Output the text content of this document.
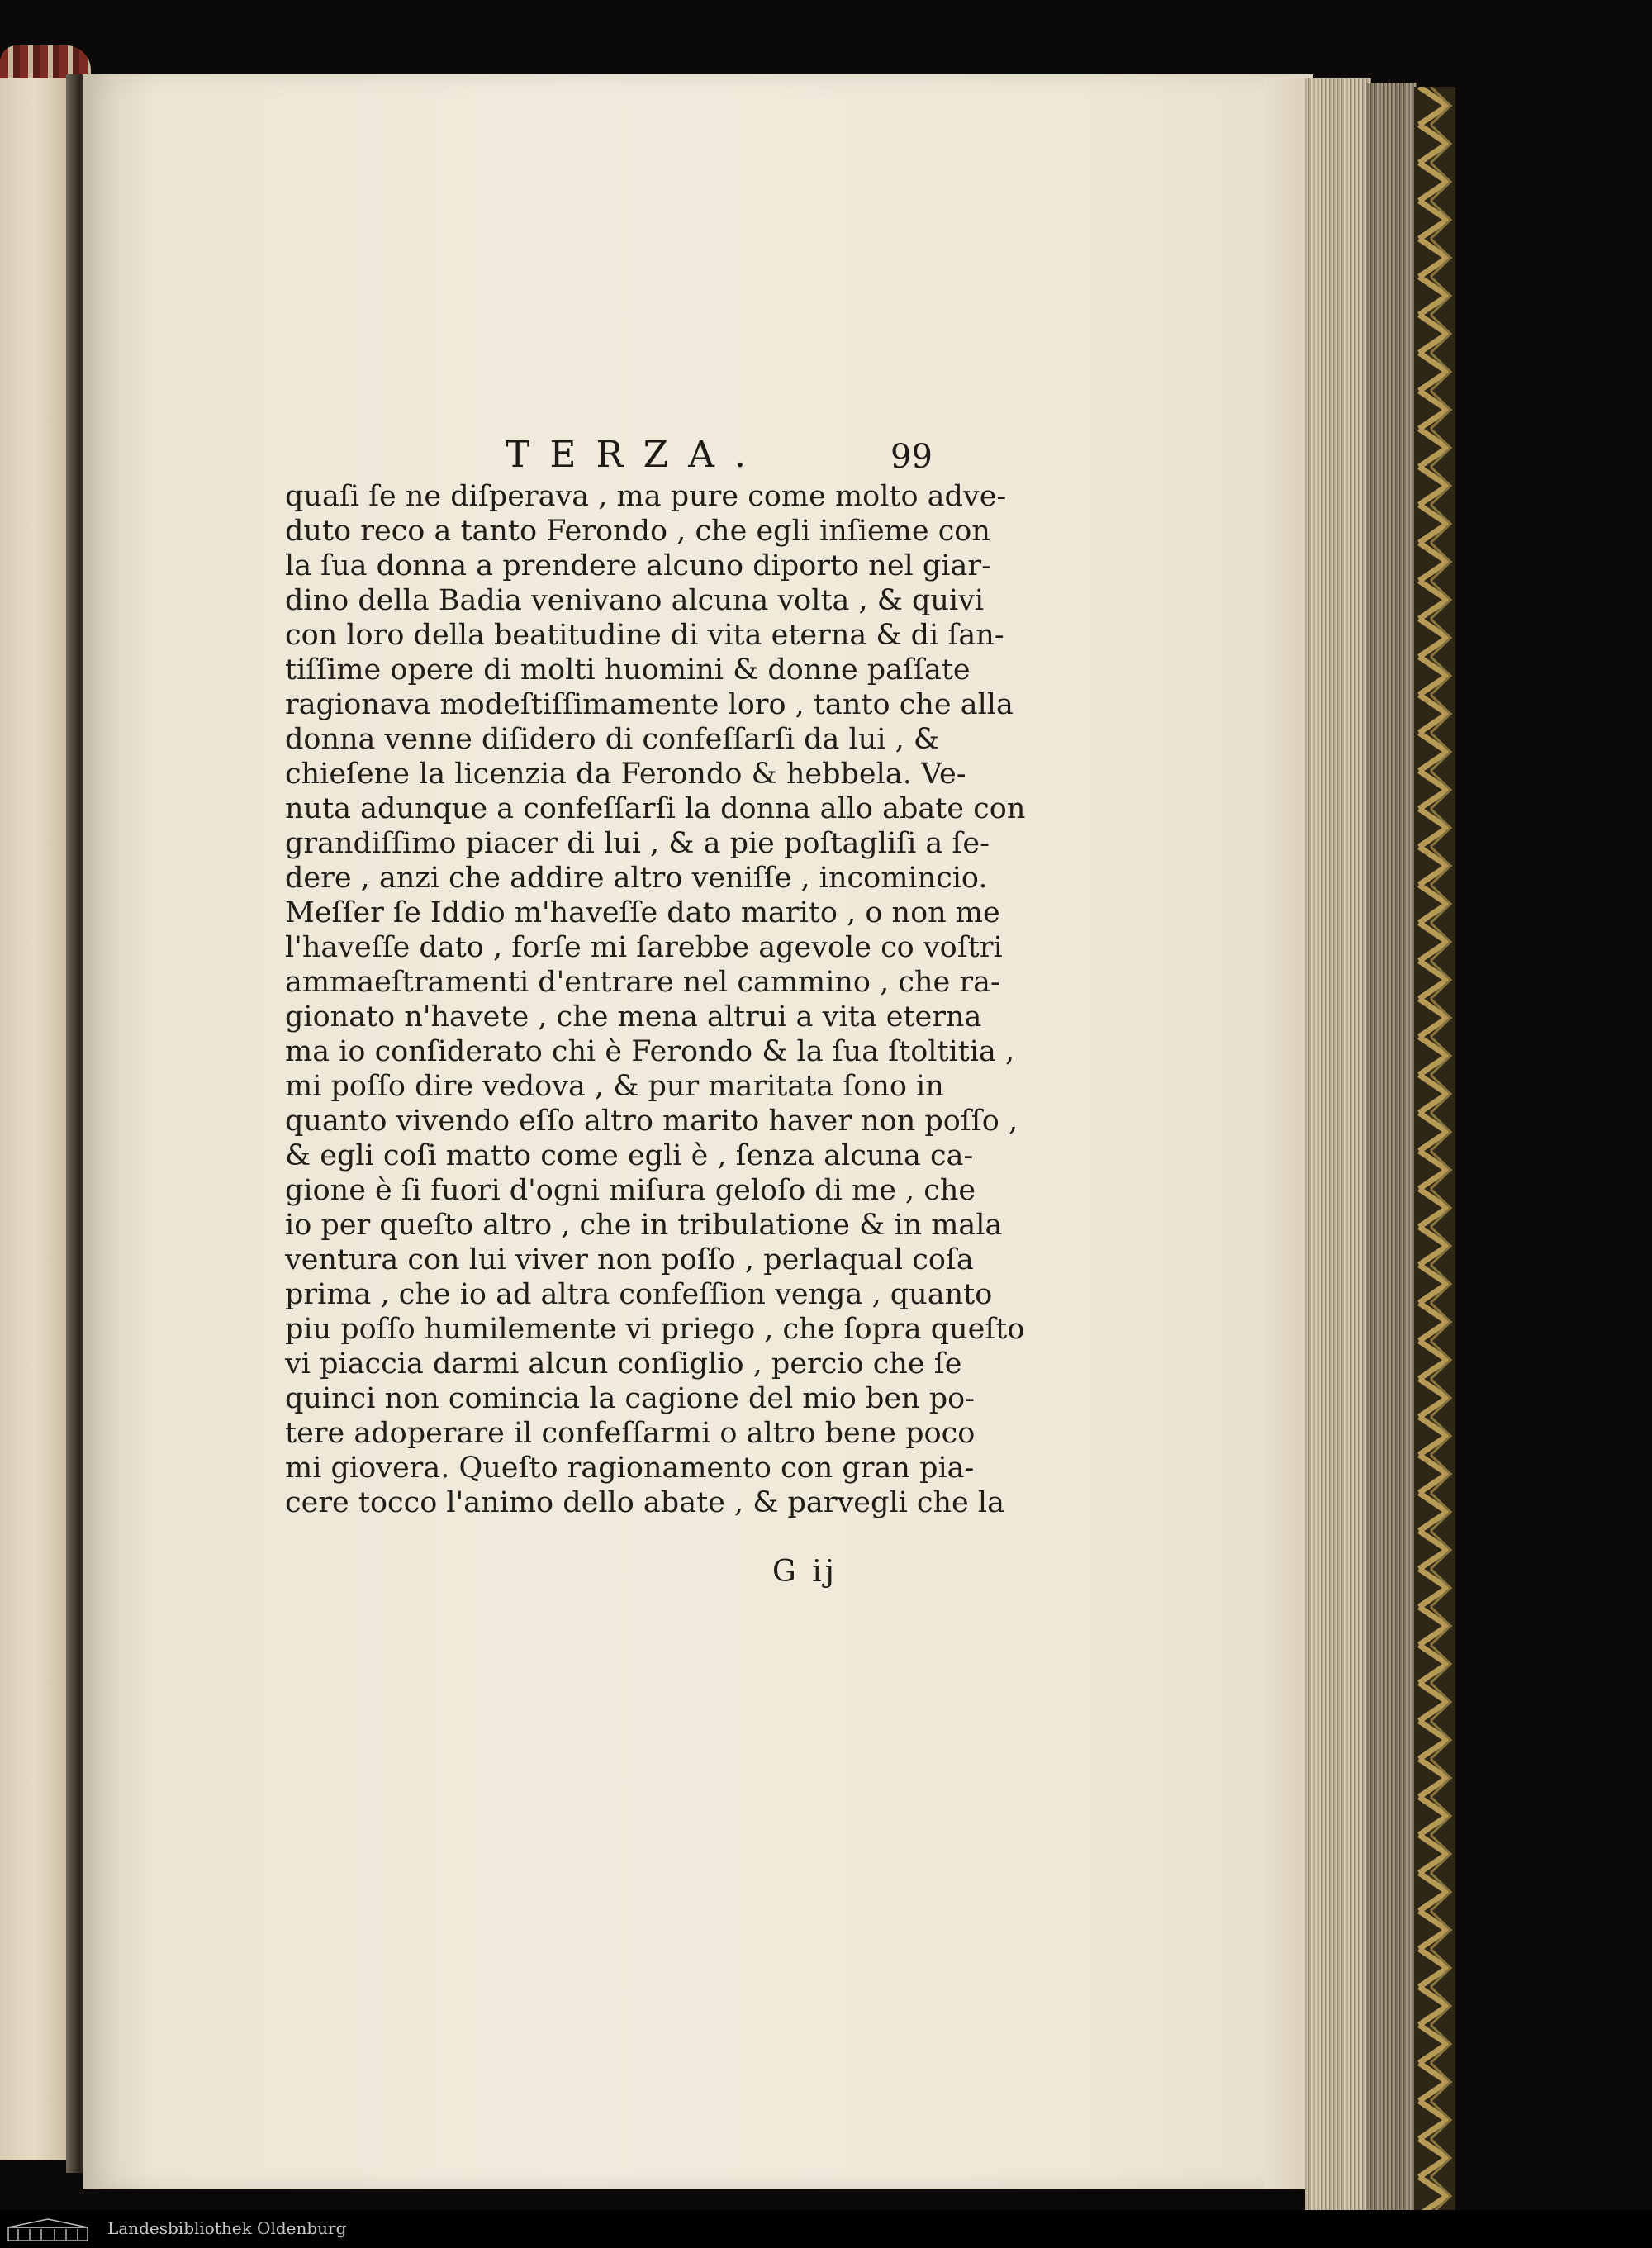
TERZA.	99
quaſi ſe ne diſperava , ma pure come molto adve-
duto reco a tanto Ferondo , che egli inſieme con
la ſua donna a prendere alcuno diporto nel giar-
dino della Badia venivano alcuna volta , & quivi
con loro della beatitudine di vita eterna & di ſan-
tiſſime opere di molti huomini & donne paſſate
ragionava modeſtiſſimamente loro , tanto che alla
donna venne diſidero di confeſſarſi da lui , &
chieſene la licenzia da Ferondo & hebbela. Ve-
nuta adunque a confeſſarſi la donna allo abate con
grandiſſimo piacer di lui , & a pie poſtagliſi a ſe-
dere , anzi che addire altro veniſſe , incomincio.
Meſſer ſe Iddio m'haveſſe dato marito , o non me
l'haveſſe dato , forſe mi ſarebbe agevole co voſtri
ammaeſtramenti d'entrare nel cammino , che ra-
gionato n'havete , che mena altrui a vita eterna
ma io conſiderato chi è Ferondo & la ſua ſtoltitia ,
mi poſſo dire vedova , & pur maritata ſono in
quanto vivendo eſſo altro marito haver non poſſo ,
& egli coſi matto come egli è , ſenza alcuna ca-
gione è ſi fuori d'ogni miſura geloſo di me , che
io per queſto altro , che in tribulatione & in mala
ventura con lui viver non poſſo , perlaqual coſa
prima , che io ad altra confeſſion venga , quanto
piu poſſo humilemente vi priego , che ſopra queſto
vi piaccia darmi alcun conſiglio , percio che ſe
quinci non comincia la cagione del mio ben po-
tere adoperare il confeſſarmi o altro bene poco
mi giovera. Queſto ragionamento con gran pia-
cere tocco l'animo dello abate , & parvegli che la
G ij
Landesbibliothek Oldenburg
